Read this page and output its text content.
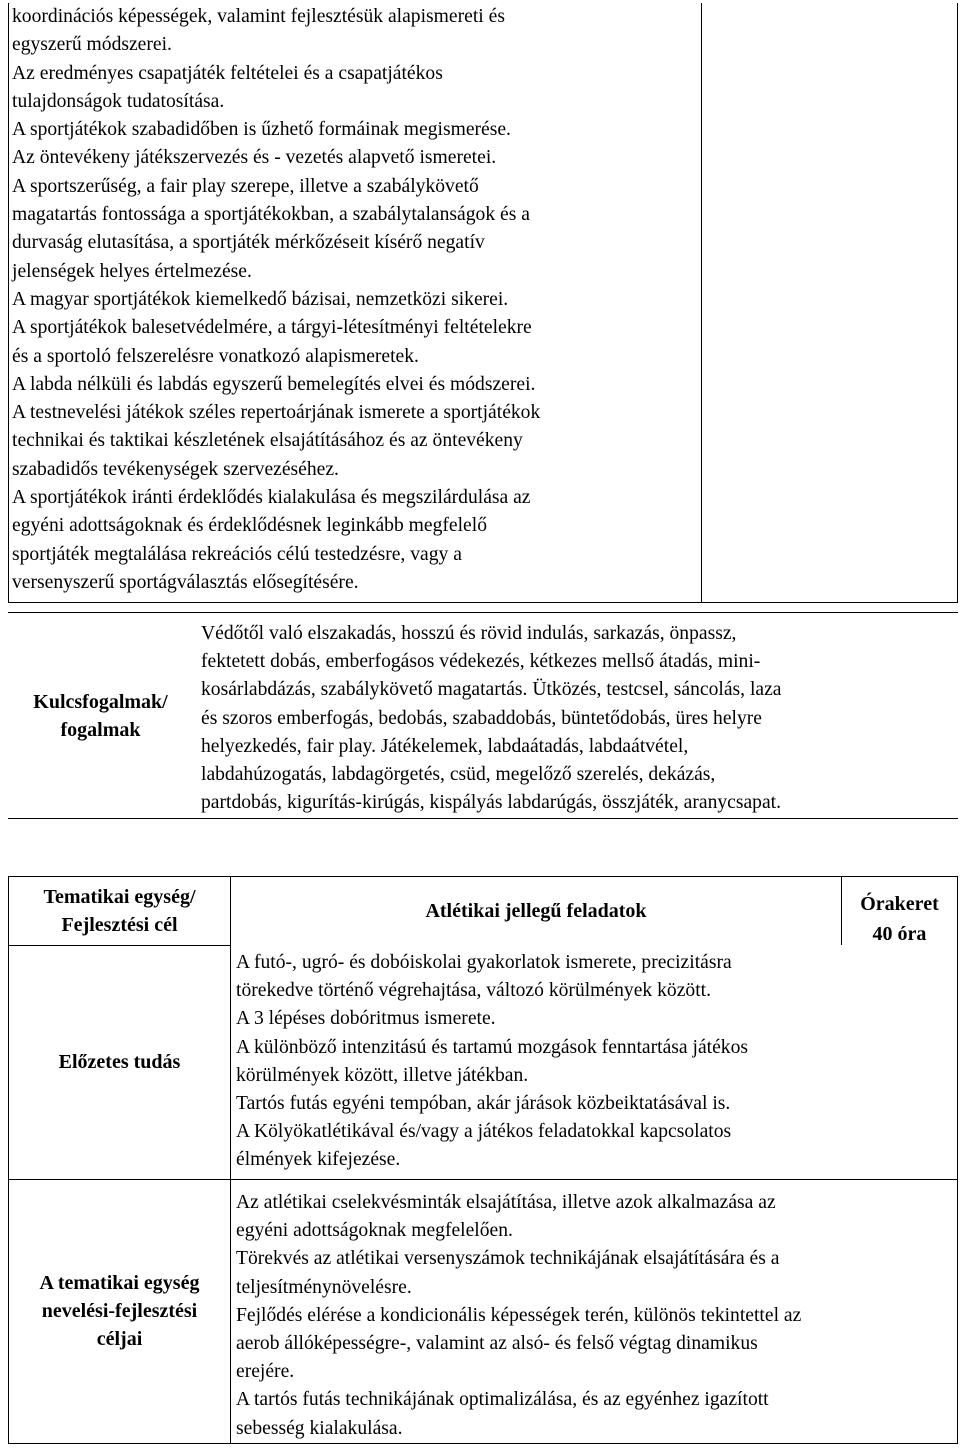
koordinációs képességek, valamint fejlesztésük alapismereti és
egyszerű módszerei.
Az eredményes csapatjáték feltételei és a csapatjátékos
tulajdonságok tudatosítása.
A sportjátékok szabadidőben is űzhető formáinak megismerése.
Az öntevékeny játékszervezés és - vezetés alapvető ismeretei.
A sportszerűség, a fair play szerepe, illetve a szabálykövető
magatartás fontossága a sportjátékokban, a szabálytalanságok és a
durvaság elutasítása, a sportjáték mérkőzéseit kísérő negatív
jelenségek helyes értelmezése.
A magyar sportjátékok kiemelkedő bázisai, nemzetközi sikerei.
A sportjátékok balesetvédelmére, a tárgyi-létesítményi feltételekre
és a sportoló felszerelésre vonatkozó alapismeretek.
A labda nélküli és labdás egyszerű bemelegítés elvei és módszerei.
A testnevelési játékok széles repertoárjának ismerete a sportjátékok
technikai és taktikai készletének elsajátításához és az öntevékeny
szabadidős tevékenységek szervezéséhez.
A sportjátékok iránti érdeklődés kialakulása és megszilárdulása az
egyéni adottságoknak és érdeklődésnek leginkább megfelelő
sportjáték megtalálása rekreációs célú testedzésre, vagy a
versenyszerű sportágválasztás elősegítésére.
Kulcsfogalmak/
fogalmak
Védőtől való elszakadás, hosszú és rövid indulás, sarkazás, önpassz,
fektetett dobás, emberfogásos védekezés, kétkezes mellső átadás, mini-
kosárlabdázás, szabálykövető magatartás. Ütközés, testcsel, sáncolás, laza
és szoros emberfogás, bedobás, szabaddobás, büntetődobás, üres helyre
helyezkedés, fair play. Játékelemek, labdaátadás, labdaátvétel,
labdahúzogatás, labdagörgetés, csüd, megelőző szerelés, dekázás,
partdobás, kigurítás-kirúgás, kispályás labdarúgás, összjáték, aranycsapat.
Tematikai egység/
Fejlesztési cél
Atlétikai jellegű feladatok	Órakeret
40 óra
Előzetes tudás
A futó-, ugró- és dobóiskolai gyakorlatok ismerete, precizitásra
törekedve történő végrehajtása, változó körülmények között.
A 3 lépéses dobóritmus ismerete.
A különböző intenzitású és tartamú mozgások fenntartása játékos
körülmények között, illetve játékban.
Tartós futás egyéni tempóban, akár járások közbeiktatásával is.
A Kölyökatlétikával és/vagy a játékos feladatokkal kapcsolatos
élmények kifejezése.
A tematikai egység
nevelési-fejlesztési
céljai
Az atlétikai cselekvésminták elsajátítása, illetve azok alkalmazása az
egyéni adottságoknak megfelelően.
Törekvés az atlétikai versenyszámok technikájának elsajátítására és a
teljesítménynövelésre.
Fejlődés elérése a kondicionális képességek terén, különös tekintettel az
aerob állóképességre-, valamint az alsó- és felső végtag dinamikus
erejére.
A tartós futás technikájának optimalizálása, és az egyénhez igazított
sebesség kialakulása.
